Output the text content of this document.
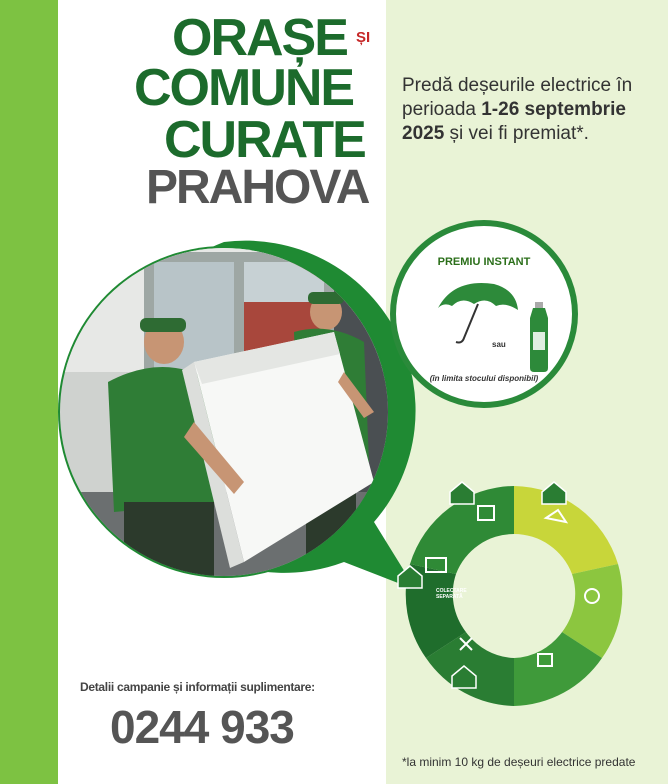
ORAȘE ȘI
COMUNE
CURATE
PRAHOVA
Predă deșeurile electrice în perioada 1-26 septembrie 2025 și vei fi premiat*.
PREMIU INSTANT
sau
(în limita stocului disponibil)
COLECTARE
SEPARATĂ
Detalii campanie și informații suplimentare:
0244 933
*la minim 10 kg de deșeuri electrice predate
